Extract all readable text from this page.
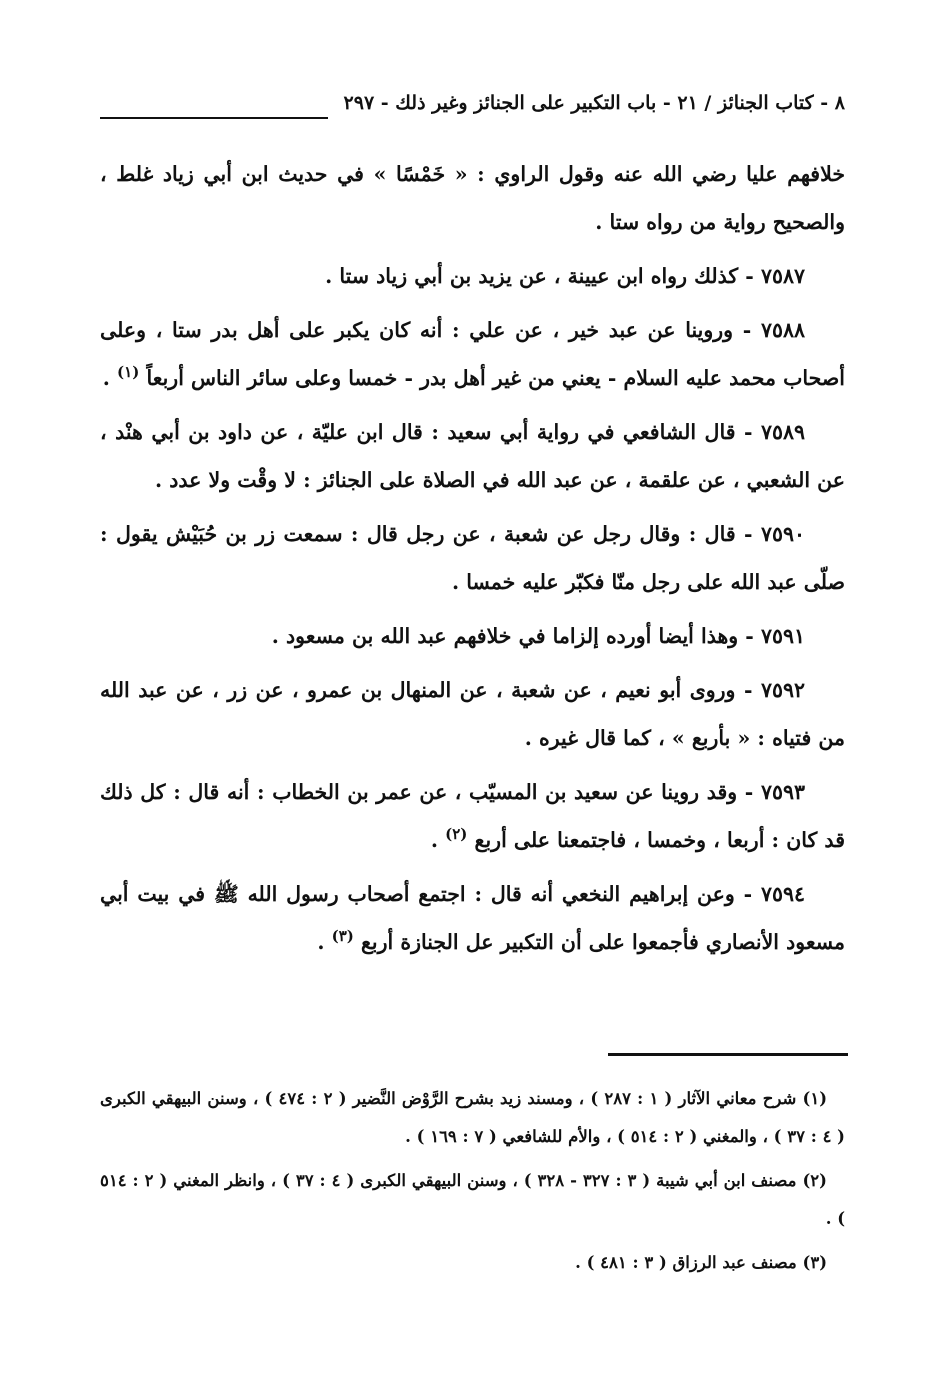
٨ - كتاب الجنائز / ٢١ - باب التكبير على الجنائز وغير ذلك - ٢٩٧

خلافهم عليا رضي الله عنه وقول الراوي : « خَمْسًا » في حديث ابن أبي زياد غلط ، والصحيح رواية من رواه ستا .

٧٥٨٧ - كذلك رواه ابن عيينة ، عن يزيد بن أبي زياد ستا .

٧٥٨٨ - وروينا عن عبد خير ، عن علي : أنه كان يكبر على أهل بدر ستا ، وعلى أصحاب محمد عليه السلام - يعني من غير أهل بدر - خمسا وعلى سائر الناس أربعاً $^{(١)}$ .

٧٥٨٩ - قال الشافعي في رواية أبي سعيد : قال ابن عليّة ، عن داود بن أبي هنْد ، عن الشعبي ، عن علقمة ، عن عبد الله في الصلاة على الجنائز : لا وقْت ولا عدد .

٧٥٩٠ - قال : وقال رجل عن شعبة ، عن رجل قال : سمعت زر بن حُبَيْش يقول : صلّى عبد الله على رجل منّا فكبّر عليه خمسا .

٧٥٩١ - وهذا أيضا أورده إلزاما في خلافهم عبد الله بن مسعود .

٧٥٩٢ - وروى أبو نعيم ، عن شعبة ، عن المنهال بن عمرو ، عن زر ، عن عبد الله من فتياه : « بأربع » ، كما قال غيره .

٧٥٩٣ - وقد روينا عن سعيد بن المسيّب ، عن عمر بن الخطاب : أنه قال : كل ذلك قد كان : أربعا ، وخمسا ، فاجتمعنا على أربع $^{(٢)}$ .

٧٥٩٤ - وعن إبراهيم النخعي أنه قال : اجتمع أصحاب رسول الله ﷺ في بيت أبي مسعود الأنصاري فأجمعوا على أن التكبير عل الجنازة أربع $^{(٣)}$ .

(١) شرح معاني الآثار ( ١ : ٢٨٧ ) ، ومسند زيد بشرح الرَّوْض النَّضير ( ٢ : ٤٧٤ ) ، وسنن البيهقي الكبرى ( ٤ : ٣٧ ) ، والمغني ( ٢ : ٥١٤ ) ، والأم للشافعي ( ٧ : ١٦٩ ) .

(٢) مصنف ابن أبي شيبة ( ٣ : ٣٢٧ - ٣٢٨ ) ، وسنن البيهقي الكبرى ( ٤ : ٣٧ ) ، وانظر المغني ( ٢ : ٥١٤ ) .

(٣) مصنف عبد الرزاق ( ٣ : ٤٨١ ) .
